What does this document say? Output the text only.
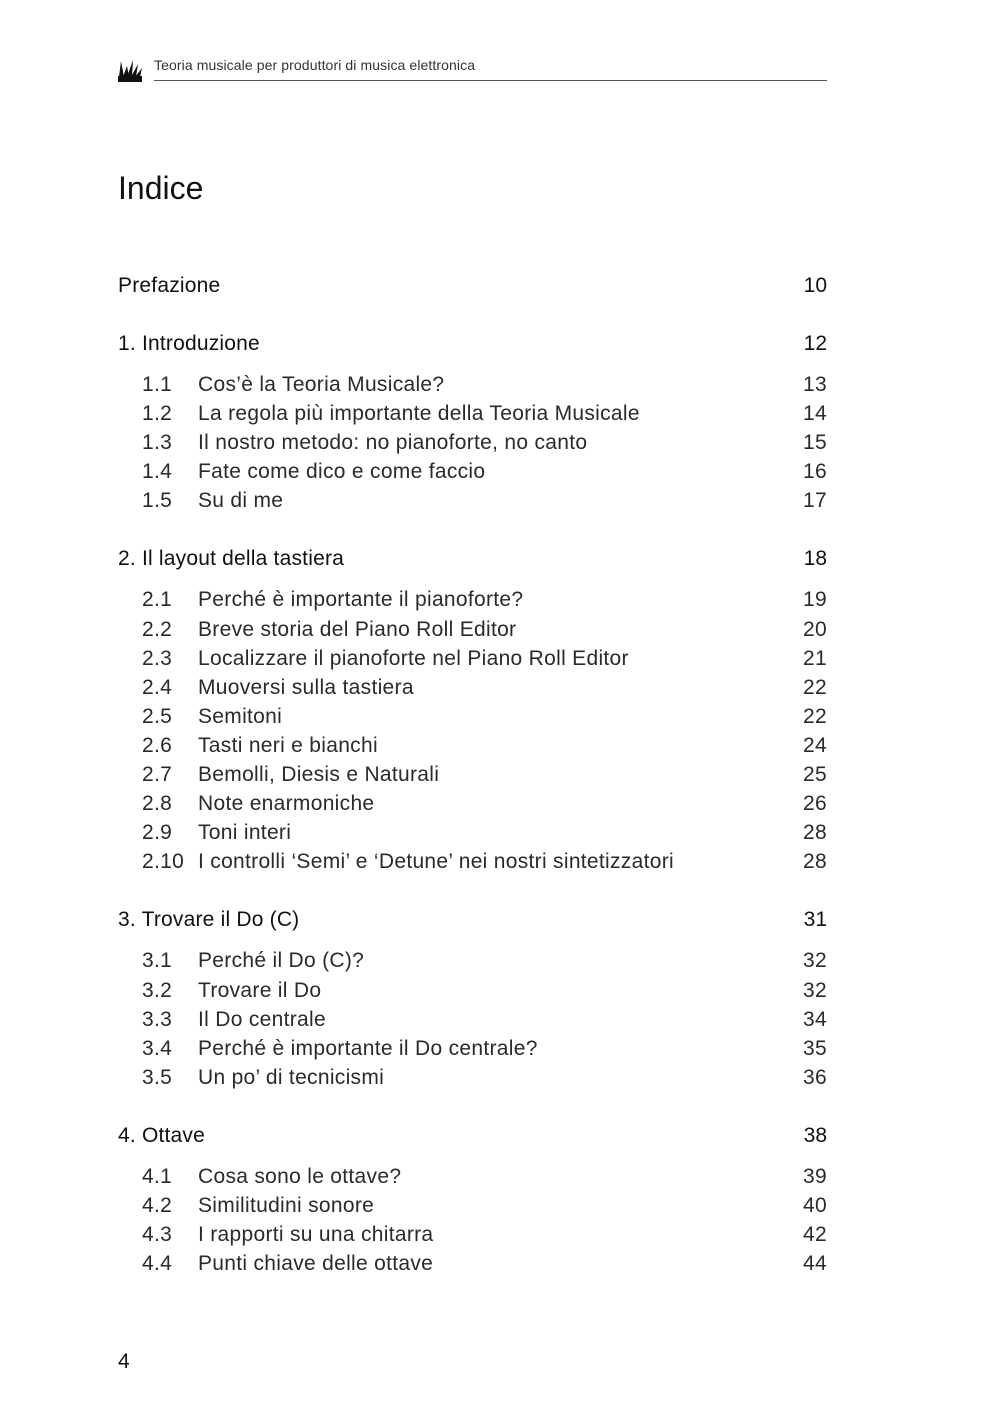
Teoria musicale per produttori di musica elettronica
Indice
Prefazione	10
1. Introduzione	12
1.1	Cos’è la Teoria Musicale?	13
1.2	La regola più importante della Teoria Musicale	14
1.3	Il nostro metodo: no pianoforte, no canto	15
1.4	Fate come dico e come faccio	16
1.5	Su di me	17
2. Il layout della tastiera	18
2.1	Perché è importante il pianoforte?	19
2.2	Breve storia del Piano Roll Editor	20
2.3	Localizzare il pianoforte nel Piano Roll Editor	21
2.4	Muoversi sulla tastiera	22
2.5	Semitoni	22
2.6	Tasti neri e bianchi	24
2.7	Bemolli, Diesis e Naturali	25
2.8	Note enarmoniche	26
2.9	Toni interi	28
2.10 I controlli ‘Semi’ e ‘Detune’ nei nostri sintetizzatori	28
3. Trovare il Do (C)	31
3.1	Perché il Do (C)?	32
3.2	Trovare il Do	32
3.3	Il Do centrale	34
3.4	Perché è importante il Do centrale?	35
3.5	Un po’ di tecnicismi	36
4. Ottave	38
4.1	Cosa sono le ottave?	39
4.2	Similitudini sonore	40
4.3	I rapporti su una chitarra	42
4.4	Punti chiave delle ottave	44
4
